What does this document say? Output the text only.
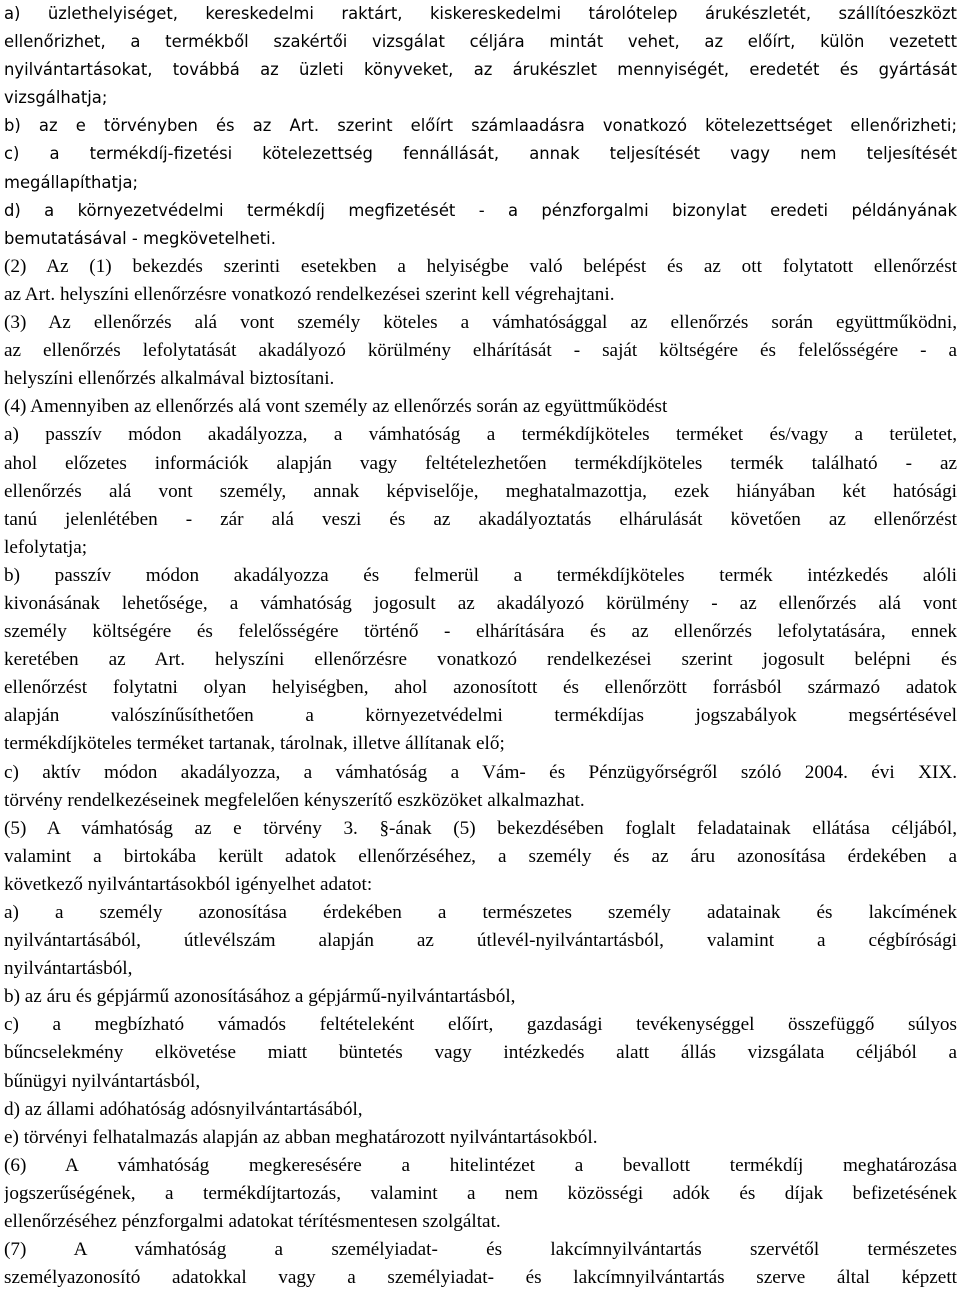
a) üzlethelyiséget, kereskedelmi raktárt, kiskereskedelmi tárolótelep árukészletét, szállítóeszközt
ellenőrizhet, a termékből szakértői vizsgálat céljára mintát vehet, az előírt, külön vezetett
nyilvántartásokat, továbbá az üzleti könyveket, az árukészlet mennyiségét, eredetét és gyártását
vizsgálhatja;
b) az e törvényben és az Art. szerint előírt számlaadásra vonatkozó kötelezettséget ellenőrizheti;
c) a termékdíj-fizetési kötelezettség fennállását, annak teljesítését vagy nem teljesítését
megállapíthatja;
d) a környezetvédelmi termékdíj megfizetését - a pénzforgalmi bizonylat eredeti példányának
bemutatásával - megkövetelheti.
(2) Az (1) bekezdés szerinti esetekben a helyiségbe való belépést és az ott folytatott ellenőrzést
az Art. helyszíni ellenőrzésre vonatkozó rendelkezései szerint kell végrehajtani.
(3) Az ellenőrzés alá vont személy köteles a vámhatósággal az ellenőrzés során együttműködni,
az ellenőrzés lefolytatását akadályozó körülmény elhárítását - saját költségére és felelősségére - a
helyszíni ellenőrzés alkalmával biztosítani.
(4) Amennyiben az ellenőrzés alá vont személy az ellenőrzés során az együttműködést
a) passzív módon akadályozza, a vámhatóság a termékdíjköteles terméket és/vagy a területet,
ahol előzetes információk alapján vagy feltételezhetően termékdíjköteles termék található - az
ellenőrzés alá vont személy, annak képviselője, meghatalmazottja, ezek hiányában két hatósági
tanú jelenlétében - zár alá veszi és az akadályoztatás elhárulását követően az ellenőrzést
lefolytatja;
b) passzív módon akadályozza és felmerül a termékdíjköteles termék intézkedés alóli
kivonásának lehetősége, a vámhatóság jogosult az akadályozó körülmény - az ellenőrzés alá vont
személy költségére és felelősségére történő - elhárítására és az ellenőrzés lefolytatására, ennek
keretében az Art. helyszíni ellenőrzésre vonatkozó rendelkezései szerint jogosult belépni és
ellenőrzést folytatni olyan helyiségben, ahol azonosított és ellenőrzött forrásból származó adatok
alapján valószínűsíthetően a környezetvédelmi termékdíjas jogszabályok megsértésével
termékdíjköteles terméket tartanak, tárolnak, illetve állítanak elő;
c) aktív módon akadályozza, a vámhatóság a Vám- és Pénzügyőrségről szóló 2004. évi XIX.
törvény rendelkezéseinek megfelelően kényszerítő eszközöket alkalmazhat.
(5) A vámhatóság az e törvény 3. §-ának (5) bekezdésében foglalt feladatainak ellátása céljából,
valamint a birtokába került adatok ellenőrzéséhez, a személy és az áru azonosítása érdekében a
következő nyilvántartásokból igényelhet adatot:
a) a személy azonosítása érdekében a természetes személy adatainak és lakcímének
nyilvántartásából, útlevélszám alapján az útlevél-nyilvántartásból, valamint a cégbírósági
nyilvántartásból,
b) az áru és gépjármű azonosításához a gépjármű-nyilvántartásból,
c) a megbízható vámadós feltételeként előírt, gazdasági tevékenységgel összefüggő súlyos
bűncselekmény elkövetése miatt büntetés vagy intézkedés alatt állás vizsgálata céljából a
bűnügyi nyilvántartásból,
d) az állami adóhatóság adósnyilvántartásából,
e) törvényi felhatalmazás alapján az abban meghatározott nyilvántartásokból.
(6) A vámhatóság megkeresésére a hitelintézet a bevallott termékdíj meghatározása
jogszerűségének, a termékdíjtartozás, valamint a nem közösségi adók és díjak befizetésének
ellenőrzéséhez pénzforgalmi adatokat térítésmentesen szolgáltat.
(7) A vámhatóság a személyiadat- és lakcímnyilvántartás szervétől természetes
személyazonosító adatokkal vagy a személyiadat- és lakcímnyilvántartás szerve által képzett
